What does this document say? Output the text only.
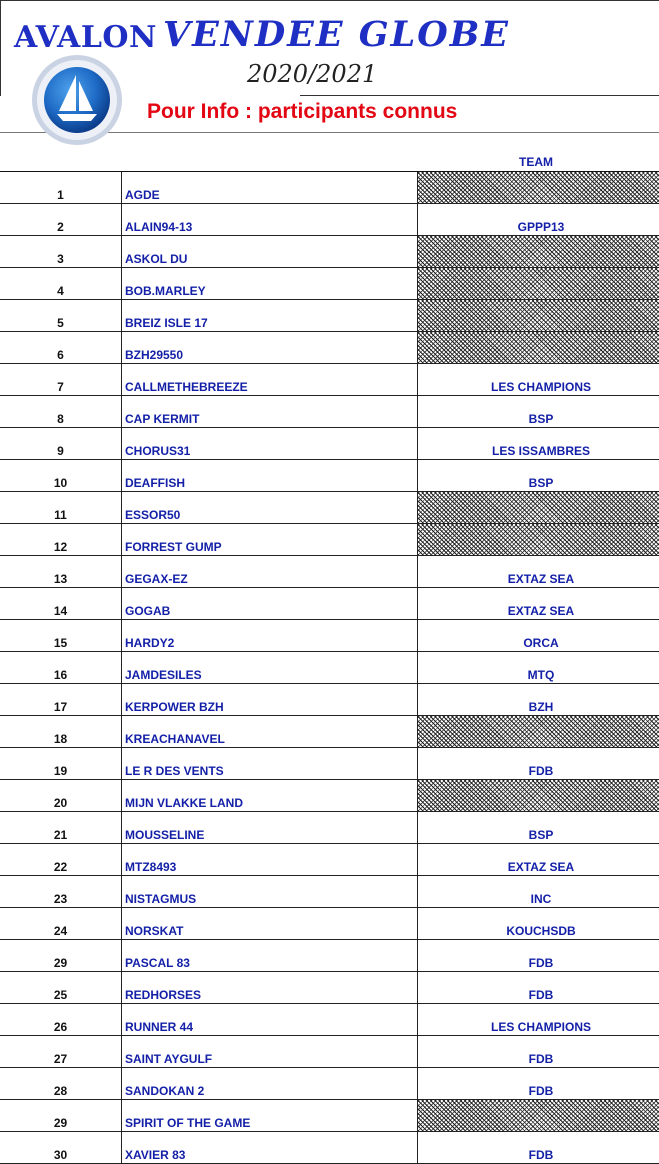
AVALON VENDEE GLOBE
2020/2021
Pour Info : participants connus
TEAM
1	AGDE	
2	ALAIN94-13	GPPP13
3	ASKOL DU	
4	BOB.MARLEY	
5	BREIZ ISLE 17	
6	BZH29550	
7	CALLMETHEBREEZE	LES CHAMPIONS
8	CAP KERMIT	BSP
9	CHORUS31	LES ISSAMBRES
10	DEAFFISH	BSP
11	ESSOR50	
12	FORREST GUMP	
13	GEGAX-EZ	EXTAZ SEA
14	GOGAB	EXTAZ SEA
15	HARDY2	ORCA
16	JAMDESILES	MTQ
17	KERPOWER BZH	BZH
18	KREACHANAVEL	
19	LE R DES VENTS	FDB
20	MIJN VLAKKE LAND	
21	MOUSSELINE	BSP
22	MTZ8493	EXTAZ SEA
23	NISTAGMUS	INC
24	NORSKAT	KOUCHSDB
29	PASCAL 83	FDB
25	REDHORSES	FDB
26	RUNNER 44	LES CHAMPIONS
27	SAINT AYGULF	FDB
28	SANDOKAN 2	FDB
29	SPIRIT OF THE GAME	
30	XAVIER 83	FDB
